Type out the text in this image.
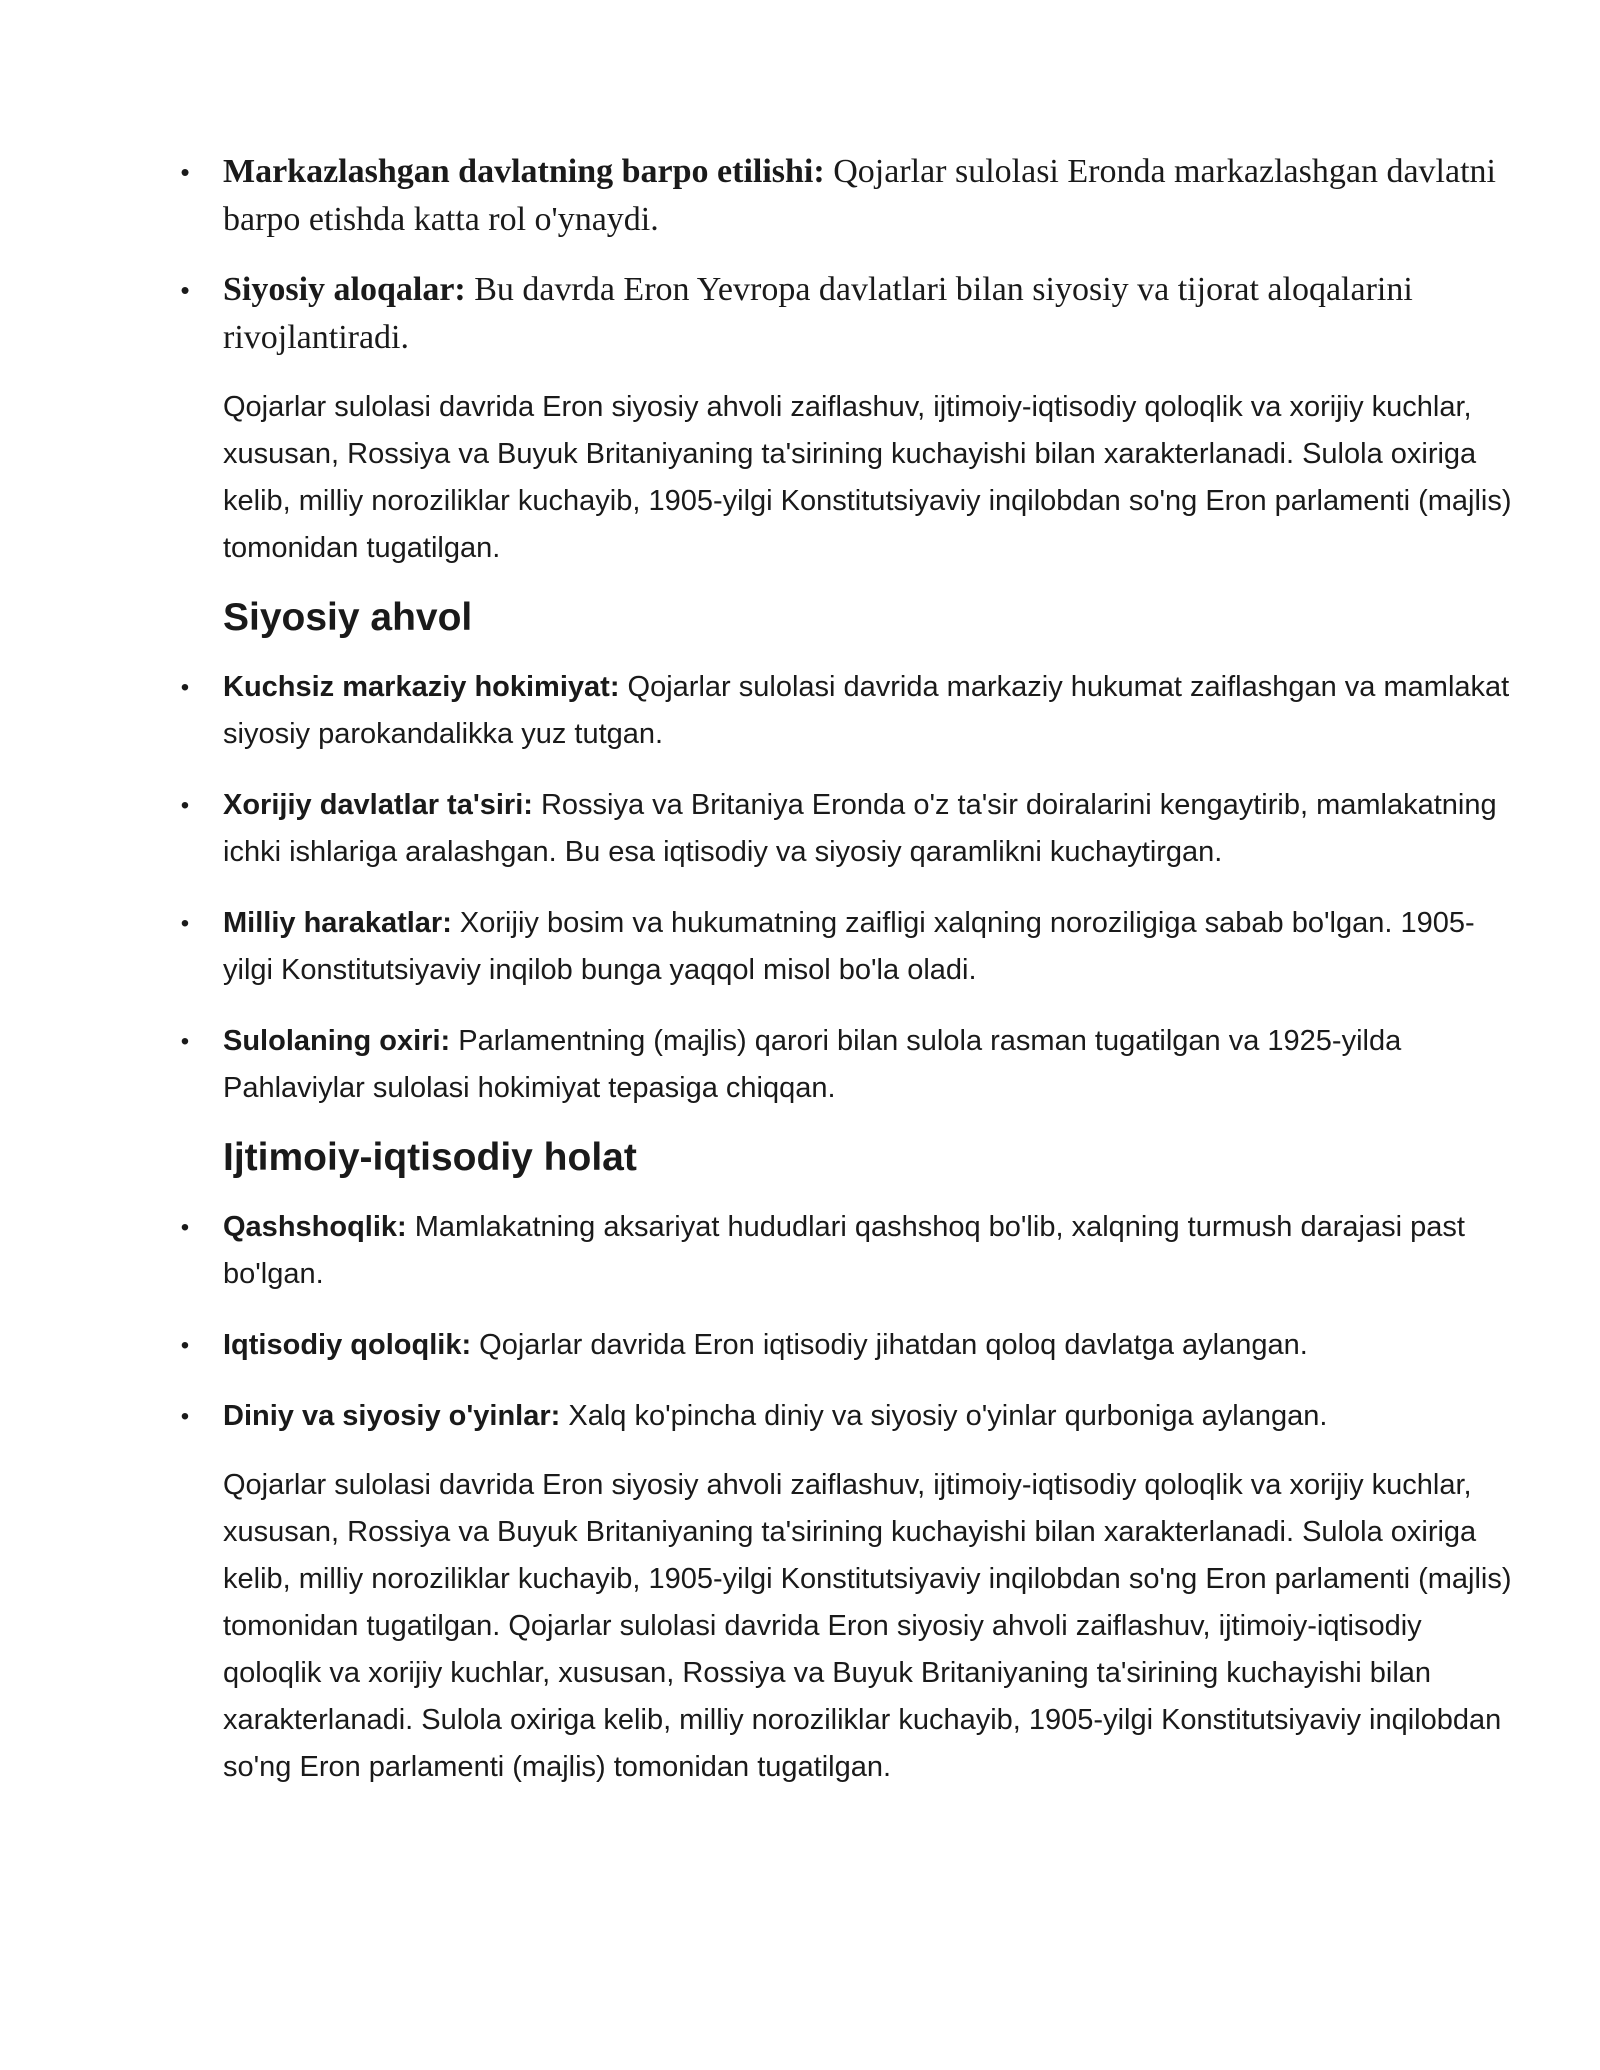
• Markazlashgan davlatning barpo etilishi: Qojarlar sulolasi Eronda markazlashgan davlatni barpo etishda katta rol o'ynaydi.
• Siyosiy aloqalar: Bu davrda Eron Yevropa davlatlari bilan siyosiy va tijorat aloqalarini rivojlantiradi.

Qojarlar sulolasi davrida Eron siyosiy ahvoli zaiflashuv, ijtimoiy-iqtisodiy qoloqlik va xorijiy kuchlar, xususan, Rossiya va Buyuk Britaniyaning ta'sirining kuchayishi bilan xarakterlanadi. Sulola oxiriga kelib, milliy noroziliklar kuchayib, 1905-yilgi Konstitutsiyaviy inqilobdan so'ng Eron parlamenti (majlis) tomonidan tugatilgan.

Siyosiy ahvol
• Kuchsiz markaziy hokimiyat: Qojarlar sulolasi davrida markaziy hukumat zaiflashgan va mamlakat siyosiy parokandalikka yuz tutgan.
• Xorijiy davlatlar ta'siri: Rossiya va Britaniya Eronda o'z ta'sir doiralarini kengaytirib, mamlakatning ichki ishlariga aralashgan. Bu esa iqtisodiy va siyosiy qaramlikni kuchaytirgan.
• Milliy harakatlar: Xorijiy bosim va hukumatning zaifligi xalqning noroziligiga sabab bo'lgan. 1905-yilgi Konstitutsiyaviy inqilob bunga yaqqol misol bo'la oladi.
• Sulolaning oxiri: Parlamentning (majlis) qarori bilan sulola rasman tugatilgan va 1925-yilda Pahlaviylar sulolasi hokimiyat tepasiga chiqqan.
Ijtimoiy-iqtisodiy holat
• Qashshoqlik: Mamlakatning aksariyat hududlari qashshoq bo'lib, xalqning turmush darajasi past bo'lgan.
• Iqtisodiy qoloqlik: Qojarlar davrida Eron iqtisodiy jihatdan qoloq davlatga aylangan.
• Diniy va siyosiy o'yinlar: Xalq ko'pincha diniy va siyosiy o'yinlar qurboniga aylangan.

Qojarlar sulolasi davrida Eron siyosiy ahvoli zaiflashuv, ijtimoiy-iqtisodiy qoloqlik va xorijiy kuchlar, xususan, Rossiya va Buyuk Britaniyaning ta'sirining kuchayishi bilan xarakterlanadi. Sulola oxiriga kelib, milliy noroziliklar kuchayib, 1905-yilgi Konstitutsiyaviy inqilobdan so'ng Eron parlamenti (majlis) tomonidan tugatilgan. Qojarlar sulolasi davrida Eron siyosiy ahvoli zaiflashuv, ijtimoiy-iqtisodiy qoloqlik va xorijiy kuchlar, xususan, Rossiya va Buyuk Britaniyaning ta'sirining kuchayishi bilan xarakterlanadi. Sulola oxiriga kelib, milliy noroziliklar kuchayib, 1905-yilgi Konstitutsiyaviy inqilobdan so'ng Eron parlamenti (majlis) tomonidan tugatilgan.
